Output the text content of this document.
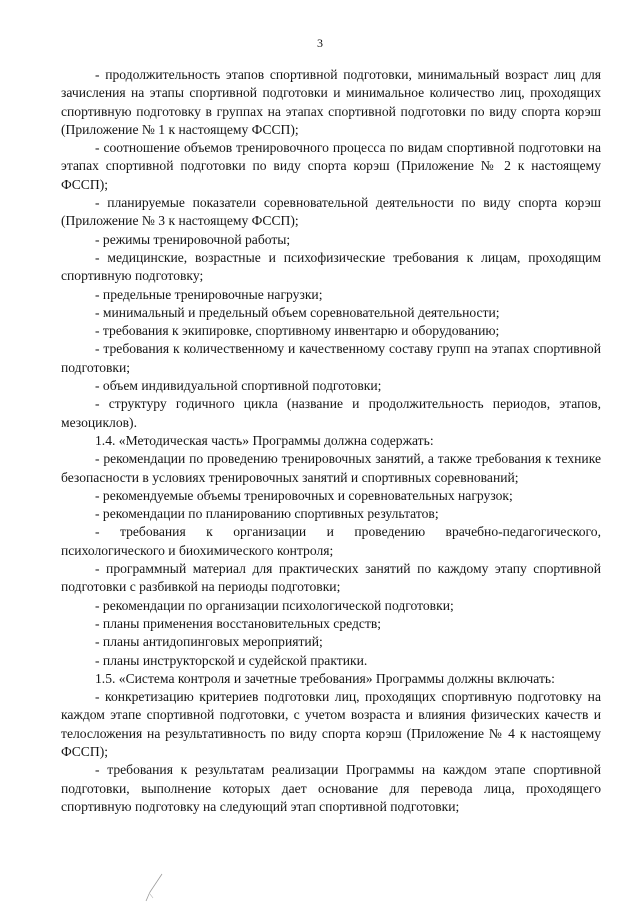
3

- продолжительность этапов спортивной подготовки, минимальный возраст лиц для зачисления на этапы спортивной подготовки и минимальное количество лиц, проходящих спортивную подготовку в группах на этапах спортивной подготовки по виду спорта корэш (Приложение № 1 к настоящему ФССП);

- соотношение объемов тренировочного процесса по видам спортивной подготовки на этапах спортивной подготовки по виду спорта корэш (Приложение № 2 к настоящему ФССП);

- планируемые показатели соревновательной деятельности по виду спорта корэш (Приложение № 3 к настоящему ФССП);

- режимы тренировочной работы;

- медицинские, возрастные и психофизические требования к лицам, проходящим спортивную подготовку;

- предельные тренировочные нагрузки;

- минимальный и предельный объем соревновательной деятельности;

- требования к экипировке, спортивному инвентарю и оборудованию;

- требования к количественному и качественному составу групп на этапах спортивной подготовки;

- объем индивидуальной спортивной подготовки;

- структуру годичного цикла (название и продолжительность периодов, этапов, мезоциклов).

1.4. «Методическая часть» Программы должна содержать:

- рекомендации по проведению тренировочных занятий, а также требования к технике безопасности в условиях тренировочных занятий и спортивных соревнований;

- рекомендуемые объемы тренировочных и соревновательных нагрузок;

- рекомендации по планированию спортивных результатов;

- требования к организации и проведению врачебно-педагогического, психологического и биохимического контроля;

- программный материал для практических занятий по каждому этапу спортивной подготовки с разбивкой на периоды подготовки;

- рекомендации по организации психологической подготовки;

- планы применения восстановительных средств;

- планы антидопинговых мероприятий;

- планы инструкторской и судейской практики.

1.5. «Система контроля и зачетные требования» Программы должны включать:

- конкретизацию критериев подготовки лиц, проходящих спортивную подготовку на каждом этапе спортивной подготовки, с учетом возраста и влияния физических качеств и телосложения на результативность по виду спорта корэш (Приложение № 4 к настоящему ФССП);

- требования к результатам реализации Программы на каждом этапе спортивной подготовки, выполнение которых дает основание для перевода лица, проходящего спортивную подготовку на следующий этап спортивной подготовки;
